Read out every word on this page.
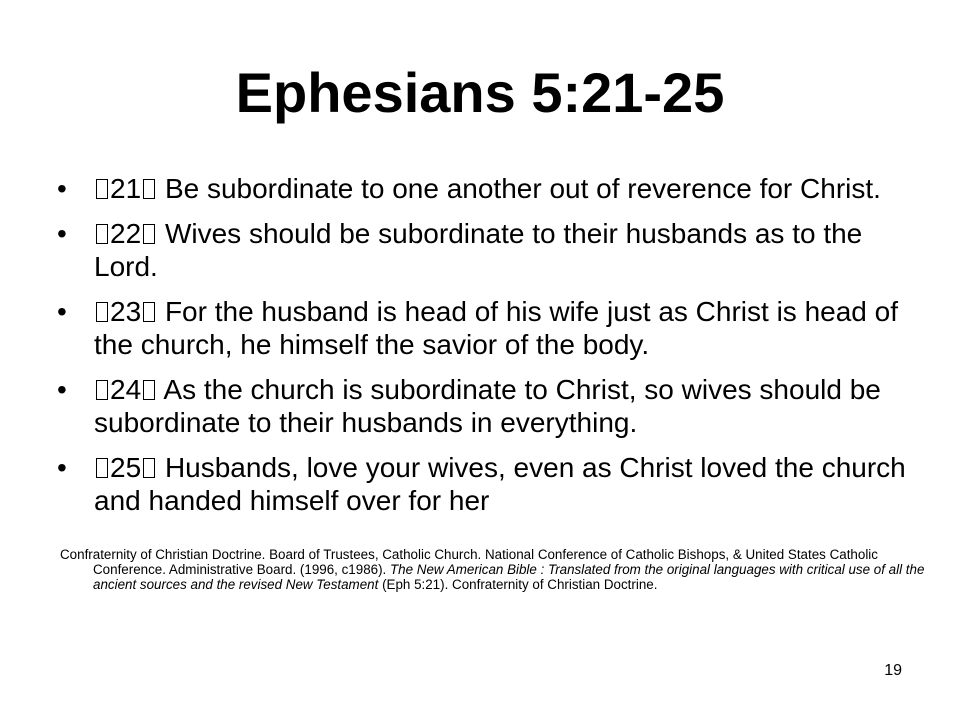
Ephesians 5:21-25
• 21 Be subordinate to one another out of reverence for Christ.
• 22 Wives should be subordinate to their husbands as to the Lord.
• 23 For the husband is head of his wife just as Christ is head of the church, he himself the savior of the body.
• 24 As the church is subordinate to Christ, so wives should be subordinate to their husbands in everything.
• 25 Husbands, love your wives, even as Christ loved the church and handed himself over for her
Confraternity of Christian Doctrine. Board of Trustees, Catholic Church. National Conference of Catholic Bishops, & United States Catholic Conference. Administrative Board. (1996, c1986). The New American Bible : Translated from the original languages with critical use of all the ancient sources and the revised New Testament (Eph 5:21). Confraternity of Christian Doctrine.
19
